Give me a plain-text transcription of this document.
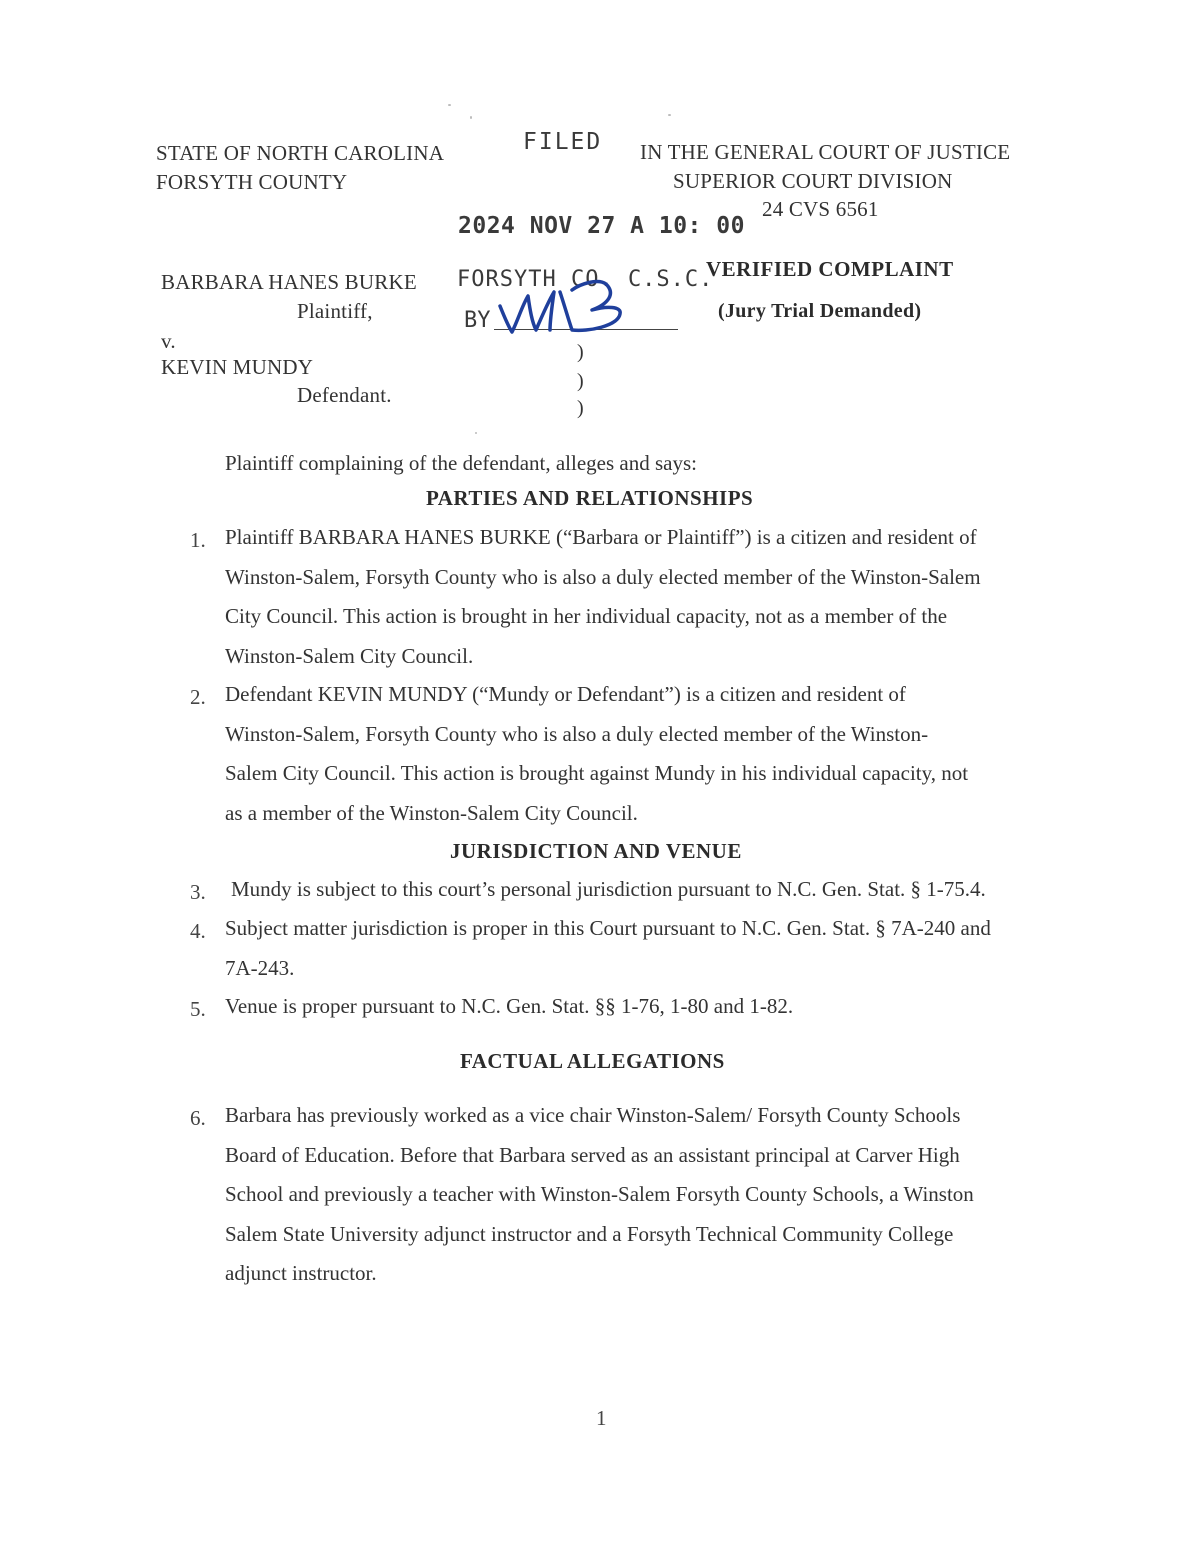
STATE OF NORTH CAROLINA
FORSYTH COUNTY
FILED IN THE GENERAL COURT OF JUSTICE
SUPERIOR COURT DIVISION
24 CVS 6561
2024 NOV 27 A 10: 00
BARBARA HANES BURKE
Plaintiff,
v.
KEVIN MUNDY
Defendant.
FORSYTH CO. C.S.C.
BY
)
)
)
VERIFIED COMPLAINT
(Jury Trial Demanded)
Plaintiff complaining of the defendant, alleges and says:
PARTIES AND RELATIONSHIPS
1. Plaintiff BARBARA HANES BURKE (“Barbara or Plaintiff”) is a citizen and resident of
Winston-Salem, Forsyth County who is also a duly elected member of the Winston-Salem
City Council. This action is brought in her individual capacity, not as a member of the
Winston-Salem City Council.
2. Defendant KEVIN MUNDY (“Mundy or Defendant”) is a citizen and resident of
Winston-Salem, Forsyth County who is also a duly elected member of the Winston-
Salem City Council. This action is brought against Mundy in his individual capacity, not
as a member of the Winston-Salem City Council.
JURISDICTION AND VENUE
3. Mundy is subject to this court’s personal jurisdiction pursuant to N.C. Gen. Stat. § 1-75.4.
4. Subject matter jurisdiction is proper in this Court pursuant to N.C. Gen. Stat. § 7A-240 and
7A-243.
5. Venue is proper pursuant to N.C. Gen. Stat. §§ 1-76, 1-80 and 1-82.
FACTUAL ALLEGATIONS
6. Barbara has previously worked as a vice chair Winston-Salem/ Forsyth County Schools
Board of Education. Before that Barbara served as an assistant principal at Carver High
School and previously a teacher with Winston-Salem Forsyth County Schools, a Winston
Salem State University adjunct instructor and a Forsyth Technical Community College
adjunct instructor.
1
